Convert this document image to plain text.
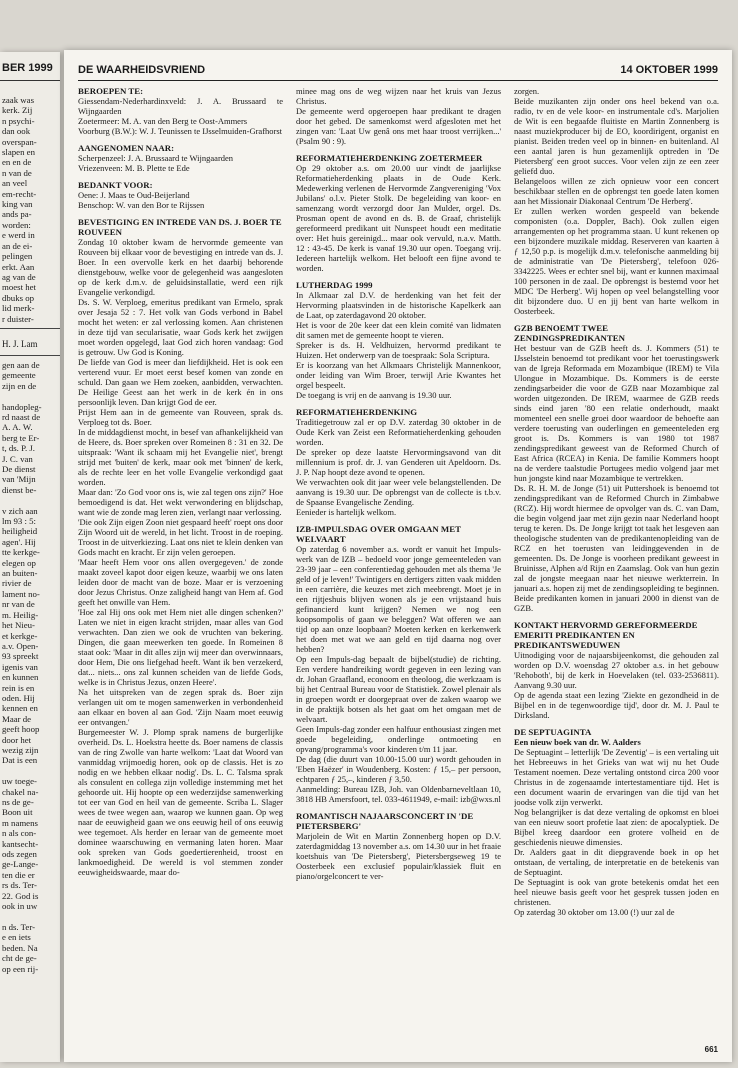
BER 1999
zaak was
kerk. Zij
n psychi-
dan ook
overspan-
slapen en
en en de
n van de
an veel
em-recht-
king van
ands pa-
worden:
e werd in
an de ei-
pelingen
erkt. Aan
ag van de
moest het
dbuks op
lid merk-
r duister-
H. J. Lam
gen aan de
gemeente
zijn en de

handopleg-
rd naast de
A. A. W.
berg te Er-
t, ds. P. J.
J. C. van
De dienst
van 'Mijn
dienst be-

v zich aan
lm 93 : 5:
heiligheid
agen'. Hij
tte kerkge-
elegen op
an buiten-
rivier de
lament no-
nr van de
m. Heilig-
het Nieu-
et kerkge-
a.v. Open-
93 spreekt
igenis van
en kunnen
rein is en
oden. Hij
kennen en
Maar de
geeft hoop
door het
wezig zijn
Dat is een

uw toege-
chakel na-
ns de ge-
Boon uit
m namens
n als con-
kantsecht-
ods zegen
ge-Lange-
ten die er
rs ds. Ter-
22. God is
ook in uw

n ds. Ter-
e en iets
beden. Na
cht de ge-
op een rij-
DE WAARHEIDSVRIEND	14 OKTOBER 1999
BEROEPEN TE:

Giessendam-Nederhardinxveld: J. A. Brussaard te Wijngaarden

Zoetermeer: M. A. van den Berg te Oost-Ammers

Voorburg (B.W.): W. J. Teunissen te IJsselmuiden-Grafhorst

AANGENOMEN NAAR:

Scherpenzeel: J. A. Brussaard te Wijngaarden

Vriezenveen: M. B. Plette te Ede

BEDANKT VOOR:

Oene: J. Maas te Oud-Beijerland

Benschop: W. van den Bor te Rijssen

BEVESTIGING EN INTREDE VAN DS. J. BOER TE ROUVEEN

Zondag 10 oktober kwam de hervormde gemeente van Rouveen bij elkaar voor de bevestiging en intrede van ds. J. Boer. In een overvolle kerk en het daarbij behorende dienstgebouw, welke voor de gelegenheid was aangesloten op de kerk d.m.v. de geluidsinstallatie, werd een rijk Evangelie verkondigd.

Ds. S. W. Verploeg, emeritus predikant van Ermelo, sprak over Jesaja 52 : 7. Het volk van Gods verbond in Babel mocht het weten: er zal verlossing komen. Aan christenen in deze tijd van secularisatie, waar Gods kerk het zwijgen moet worden opgelegd, laat God zich horen vandaag: God is getrouw. Uw God is Koning.

De liefde van God is meer dan liefdijkheid. Het is ook een verterend vuur. Er moet eerst besef komen van zonde en schuld. Dan gaan we Hem zoeken, aanbidden, verwachten. De Heilige Geest aan het werk in de kerk én in ons persoonlijk leven. Dan krijgt God de eer.

Prijst Hem aan in de gemeente van Rouveen, sprak ds. Verploeg tot ds. Boer.

In de middagdienst mocht, in besef van afhankelijkheid van de Heere, ds. Boer spreken over Romeinen 8 : 31 en 32. De uitspraak: 'Want ik schaam mij het Evangelie niet', brengt strijd met 'buiten' de kerk, maar ook met 'binnen' de kerk, als de rechte leer en het volle Evangelie verkondigd gaat worden.

Maar dan: 'Zo God voor ons is, wie zal tegen ons zijn?' Hoe bemoedigend is dat. Het wekt verwondering en blijdschap, want wie de zonde mag leren zien, verlangt naar verlossing.

'Die ook Zijn eigen Zoon niet gespaard heeft' roept ons door Zijn Woord uit de wereld, in het licht. Troost in de roeping. Troost in de uitverkiezing. Laat ons niet te klein denken van Gods macht en kracht. Er zijn velen geroepen.

'Maar heeft Hem voor ons allen overgegeven.' de zonde maakt zoveel kapot door eigen keuze, waarbij we ons laten leiden door de macht van de boze. Maar er is verzoening door Jezus Christus. Onze zaligheid hangt van Hem af. God geeft het onwille van Hem.

'Hoe zal Hij ons ook met Hem niet alle dingen schenken?' Laten we niet in eigen kracht strijden, maar alles van God verwachten. Dan zien we ook de vruchten van bekering. Dingen, die gaan meewerken ten goede. In Romeinen 8 staat ook: 'Maar in dit alles zijn wij meer dan overwinnaars, door Hem, Die ons liefgehad heeft. Want ik ben verzekerd, dat... niets... ons zal kunnen scheiden van de liefde Gods, welke is in Christus Jezus, onzen Heere'.

Na het uitspreken van de zegen sprak ds. Boer zijn verlangen uit om te mogen samenwerken in verbondenheid aan elkaar en boven al aan God. 'Zijn Naam moet eeuwig eer ontvangen.'

Burgemeester W. J. Plomp sprak namens de burgerlijke overheid. Ds. L. Hoekstra heette ds. Boer namens de classis van de ring Zwolle van harte welkom: 'Laat dat Woord van vanmiddag vrijmoedig horen, ook op de classis. Het is zo nodig en we hebben elkaar nodig'. Ds. L. C. Talsma sprak als consulent en collega zijn volledige instemming met het gehoorde uit. Hij hoopte op een wederzijdse samenwerking tot eer van God en heil van de gemeente. Scriba L. Slager wees de twee wegen aan, waarop we kunnen gaan. Op weg naar de eeuwigheid gaan we ons eeuwig heil of ons eeuwig wee tegemoet. Als herder en leraar van de gemeente moet dominee waarschuwing en vermaning laten horen. Maar ook spreken van Gods goedertierenheid, troost en lankmoedigheid. De wereld is vol stemmen zonder eeuwigheidswaarde, maar do-

minee mag ons de weg wijzen naar het kruis van Jezus Christus.

De gemeente werd opgeroepen haar predikant te dragen door het gebed. De samenkomst werd afgesloten met het zingen van: 'Laat Uw genâ ons met haar troost verrijken...' (Psalm 90 : 9).

REFORMATIEHERDENKING ZOETERMEER

Op 29 oktober a.s. om 20.00 uur vindt de jaarlijkse Reformatieherdenking plaats in de Oude Kerk. Medewerking verlenen de Hervormde Zangvereniging 'Vox Jubilans' o.l.v. Pieter Stolk. De begeleiding van koor- en samenzang wordt verzorgd door Jan Mulder, orgel. Ds. Prosman opent de avond en ds. B. de Graaf, christelijk gereformeerd predikant uit Nunspeet houdt een meditatie over: Het huis gereinigd... maar ook vervuld, n.a.v. Matth. 12 : 43-45. De kerk is vanaf 19.30 uur open. Toegang vrij. Iedereen hartelijk welkom. Het belooft een fijne avond te worden.

LUTHERDAG 1999

In Alkmaar zal D.V. de herdenking van het feit der Hervorming plaatsvinden in de historische Kapelkerk aan de Laat, op zaterdagavond 20 oktober.

Het is voor de 20e keer dat een klein comité van lidmaten dit samen met de gemeente hoopt te vieren.

Spreker is ds. H. Veldhuizen, hervormd predikant te Huizen. Het onderwerp van de toespraak: Sola Scriptura.

Er is koorzang van het Alkmaars Christelijk Mannenkoor, onder leiding van Wim Broer, terwijl Arie Kwantes het orgel bespeelt.

De toegang is vrij en de aanvang is 19.30 uur.

REFORMATIEHERDENKING

Traditiegetrouw zal er op D.V. zaterdag 30 oktober in de Oude Kerk van Zeist een Reformatieherdenking gehouden worden.

De spreker op deze laatste Hervormingsavond van dit millennium is prof. dr. J. van Genderen uit Apeldoorn. Ds. J. P. Nap hoopt deze avond te openen.

We verwachten ook dit jaar weer vele belangstellenden. De aanvang is 19.30 uur. De opbrengst van de collecte is t.b.v. de Spaanse Evangelische Zending.

Eenieder is hartelijk welkom.

IZB-IMPULSDAG OVER OMGAAN MET WELVAART

Op zaterdag 6 november a.s. wordt er vanuit het Impuls-werk van de IZB – bedoeld voor jonge gemeenteleden van 23-39 jaar – een conferentiedag gehouden met als thema 'Je geld of je leven!' Twintigers en dertigers zitten vaak midden in een carrière, die keuzes met zich meebrengt. Moet je in een rijtjeshuis blijven wonen als je een vrijstaand huis gefinancierd kunt krijgen? Nemen we nog een koopsompolis of gaan we beleggen? Wat offeren we aan tijd op aan onze loopbaan? Moeten kerken en kerkenwerk het doen met wat we aan geld en tijd daarna nog over hebben?

Op een Impuls-dag bepaalt de bijbel(studie) de richting. Een verdere handreiking wordt gegeven in een lezing van dr. Johan Graafland, econoom en theoloog, die werkzaam is bij het Centraal Bureau voor de Statistiek. Zowel plenair als in groepen wordt er doorgepraat over de zaken waarop we in de praktijk botsen als het gaat om het omgaan met de welvaart.

Geen Impuls-dag zonder een halfuur enthousiast zingen met goede begeleiding, onderlinge ontmoeting en opvang/programma's voor kinderen t/m 11 jaar.

De dag (die duurt van 10.00-15.00 uur) wordt gehouden in 'Eben Haëzer' in Woudenberg. Kosten: ƒ 15,– per persoon, echtparen ƒ 25,–, kinderen ƒ 3,50.

Aanmelding: Bureau IZB, Joh. van Oldenbarneveltlaan 10, 3818 HB Amersfoort, tel. 033-4611949, e-mail: izb@wxs.nl

ROMANTISCH NAJAARSCONCERT IN 'DE PIETERSBERG'

Marjolein de Wit en Martin Zonnenberg hopen op D.V. zaterdagmiddag 13 november a.s. om 14.30 uur in het fraaie koetshuis van 'De Pietersberg', Pietersbergseweg 19 te Oosterbeek een exclusief populair/klassiek fluit en piano/orgelconcert te ver-

zorgen.

Beide muzikanten zijn onder ons heel bekend van o.a. radio, tv en de vele koor- en instrumentale cd's. Marjolien de Wit is een begaafde fluitiste en Martin Zonnenberg is naast muziekproducer bij de EO, koordirigent, organist en pianist. Beiden treden veel op in binnen- en buitenland. Al een aantal jaren is hun gezamenlijk optreden in 'De Pietersberg' een groot succes. Voor velen zijn ze een zeer geliefd duo.

Belangeloos willen ze zich opnieuw voor een concert beschikbaar stellen en de opbrengst ten goede laten komen aan het Missionair Diakonaal Centrum 'De Herberg'.

Er zullen werken worden gespeeld van bekende componisten (o.a. Doppler, Bach). Ook zullen eigen arrangementen op het programma staan. U kunt rekenen op een bijzondere muzikale middag. Reserveren van kaarten à ƒ 12,50 p.p. is mogelijk d.m.v. telefonische aanmelding bij de administratie van 'De Pietersberg', telefoon 026-3342225. Wees er echter snel bij, want er kunnen maximaal 100 personen in de zaal. De opbrengst is bestemd voor het MDC 'De Herberg'. Wij hopen op veel belangstelling voor dit bijzondere duo. U en jij bent van harte welkom in Oosterbeek.

GZB BENOEMT TWEE ZENDINGSPREDIKANTEN

Het bestuur van de GZB heeft ds. J. Kommers (51) te IJsselstein benoemd tot predikant voor het toerustingswerk van de Igreja Reformada em Mozambique (IREM) te Vila Ulongue in Mozambique. Ds. Kommers is de eerste zendingsarbeider die voor de GZB naar Mozambique zal worden uitgezonden. De IREM, waarmee de GZB reeds sinds eind jaren '80 een relatie onderhoudt, maakt momenteel een snelle groei door waardoor de behoefte aan verdere toerusting van ouderlingen en gemeenteleden erg groot is. Ds. Kommers is van 1980 tot 1987 zendingspredikant geweest van de Reformed Church of East Africa (RCEA) in Kenia. De familie Kommers hoopt na de verdere taalstudie Portugees medio volgend jaar met hun jongste kind naar Mozambique te vertrekken.

Ds. R. H. M. de Jonge (51) uit Puttershoek is benoemd tot zendingspredikant van de Reformed Church in Zimbabwe (RCZ). Hij wordt hiermee de opvolger van ds. C. van Dam, die begin volgend jaar met zijn gezin naar Nederland hoopt terug te keren. Ds. De Jonge krijgt tot taak het lesgeven aan theologische studenten van de predikantenopleiding van de RCZ en het toerusten van leidinggevenden in de gemeenten. Ds. De Jonge is voorheen predikant geweest in Bruinisse, Alphen a/d Rijn en Zaamslag. Ook van hun gezin zal de jongste meegaan naar het nieuwe werkterrein. In januari a.s. hopen zij met de zendingsopleiding te beginnen. Beide predikanten komen in januari 2000 in dienst van de GZB.

KONTAKT HERVORMD GEREFORMEERDE EMERITI PREDIKANTEN EN PREDIKANTSWEDUWEN

Uitnodiging voor de najaarsbijeenkomst, die gehouden zal worden op D.V. woensdag 27 oktober a.s. in het gebouw 'Rehoboth', bij de kerk in Hoevelaken (tel. 033-2536811). Aanvang 9.30 uur.

Op de agenda staat een lezing 'Ziekte en gezondheid in de Bijbel en in de tegenwoordige tijd', door dr. M. J. Paul te Dirksland.

DE SEPTUAGINTA

Een nieuw boek van dr. W. Aalders

De Septuagint – letterlijk 'De Zeventig' – is een vertaling uit het Hebreeuws in het Grieks van wat wij nu het Oude Testament noemen. Deze vertaling ontstond circa 200 voor Christus in de zogenaamde intertestamentiare tijd. Het is een document waarin de ervaringen van die tijd van het joodse volk zijn verwerkt.

Nog belangrijker is dat deze vertaling de opkomst en bloei van een nieuw soort profetie laat zien: de apocalyptiek. De Bijbel kreeg daardoor een grotere volheid en de geschiedenis nieuwe dimensies.

Dr. Aalders gaat in dit diepgravende boek in op het ontstaan, de vertaling, de interpretatie en de betekenis van de Septuagint.

De Septuagint is ook van grote betekenis omdat het een heel nieuwe basis geeft voor het gesprek tussen joden en christenen.

Op zaterdag 30 oktober om 13.00 (!) uur zal de

661
